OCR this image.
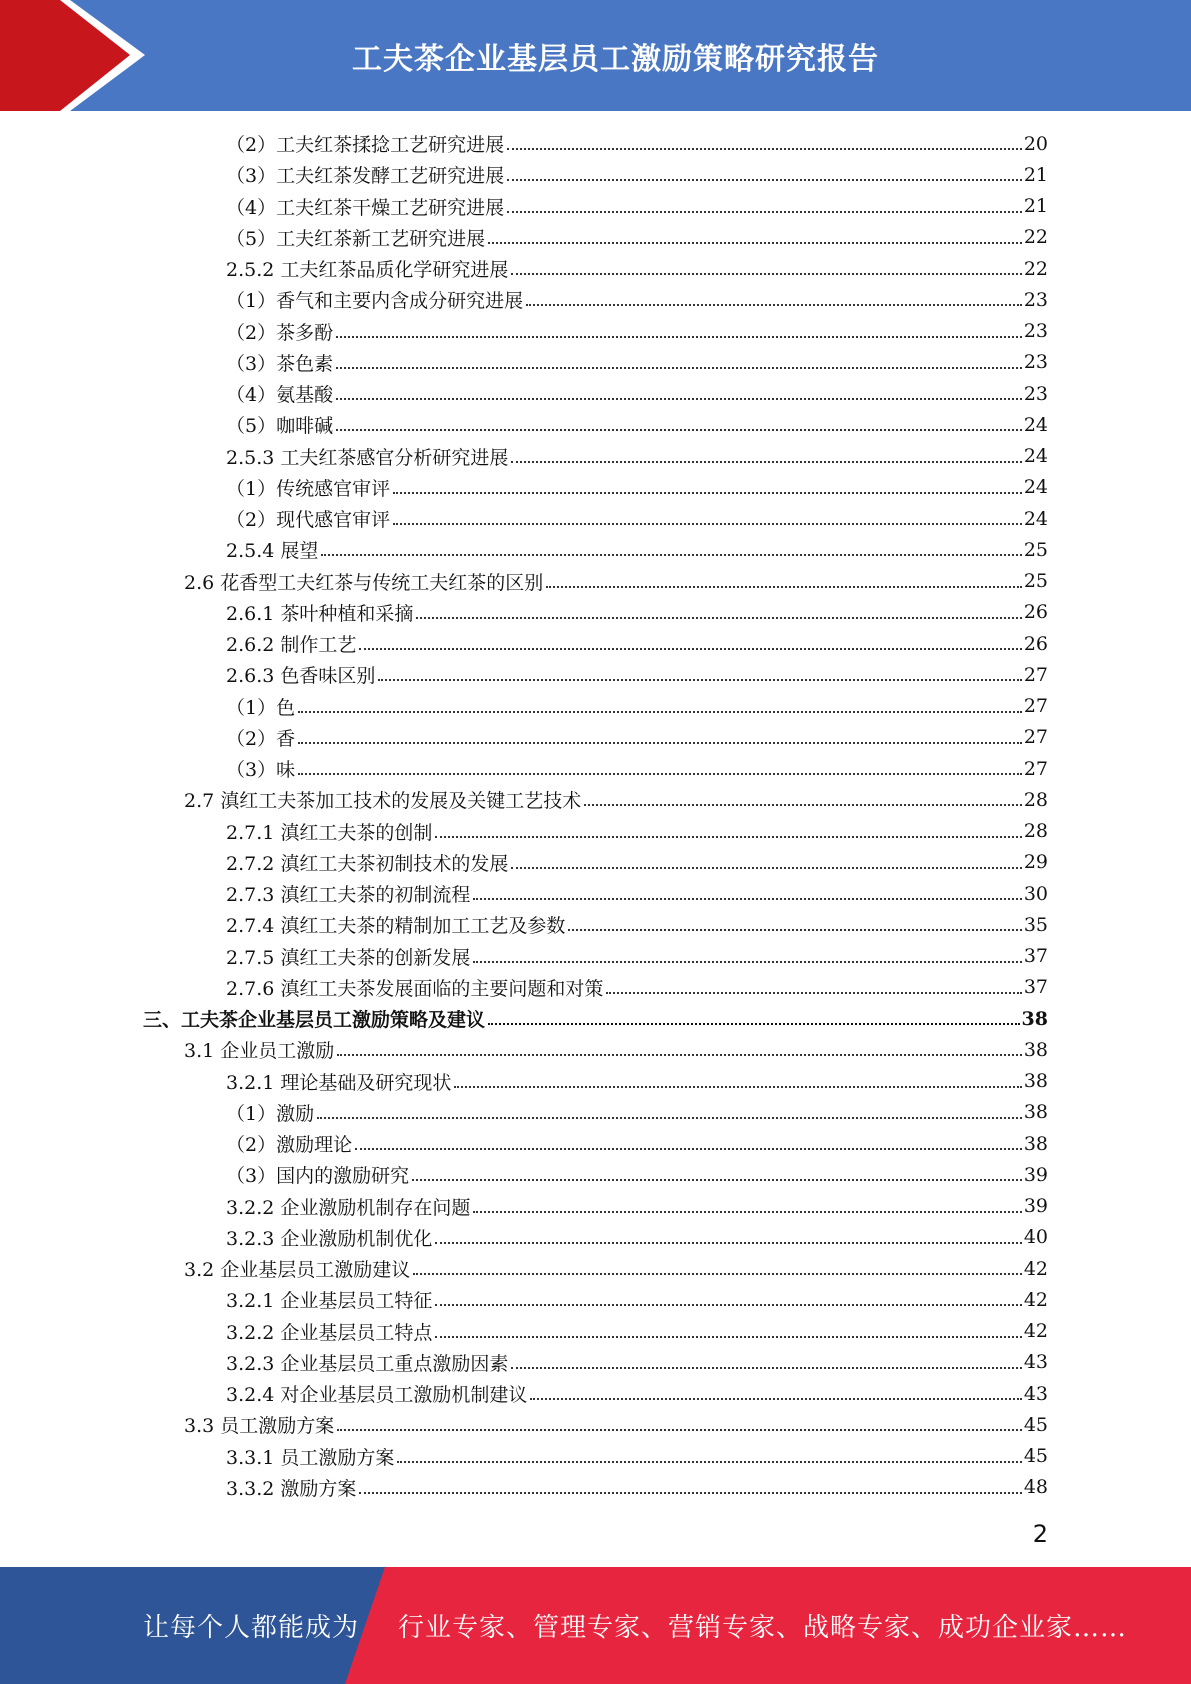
工夫茶企业基层员工激励策略研究报告
（2）工夫红茶揉捻工艺研究进展	20
（3）工夫红茶发酵工艺研究进展	21
（4）工夫红茶干燥工艺研究进展	21
（5）工夫红茶新工艺研究进展	22
2.5.2 工夫红茶品质化学研究进展	22
（1）香气和主要内含成分研究进展	23
（2）茶多酚	23
（3）茶色素	23
（4）氨基酸	23
（5）咖啡碱	24
2.5.3 工夫红茶感官分析研究进展	24
（1）传统感官审评	24
（2）现代感官审评	24
2.5.4 展望	25
2.6 花香型工夫红茶与传统工夫红茶的区别	25
2.6.1 茶叶种植和采摘	26
2.6.2 制作工艺	26
2.6.3 色香味区别	27
（1）色	27
（2）香	27
（3）味	27
2.7 滇红工夫茶加工技术的发展及关键工艺技术	28
2.7.1 滇红工夫茶的创制	28
2.7.2 滇红工夫茶初制技术的发展	29
2.7.3 滇红工夫茶的初制流程	30
2.7.4 滇红工夫茶的精制加工工艺及参数	35
2.7.5 滇红工夫茶的创新发展	37
2.7.6 滇红工夫茶发展面临的主要问题和对策	37
三、工夫茶企业基层员工激励策略及建议	38
3.1 企业员工激励	38
3.2.1 理论基础及研究现状	38
（1）激励	38
（2）激励理论	38
（3）国内的激励研究	39
3.2.2 企业激励机制存在问题	39
3.2.3 企业激励机制优化	40
3.2 企业基层员工激励建议	42
3.2.1 企业基层员工特征	42
3.2.2 企业基层员工特点	42
3.2.3 企业基层员工重点激励因素	43
3.2.4 对企业基层员工激励机制建议	43
3.3 员工激励方案	45
3.3.1 员工激励方案	45
3.3.2 激励方案	48
2
让每个人都能成为 行业专家、管理专家、营销专家、战略专家、成功企业家……
